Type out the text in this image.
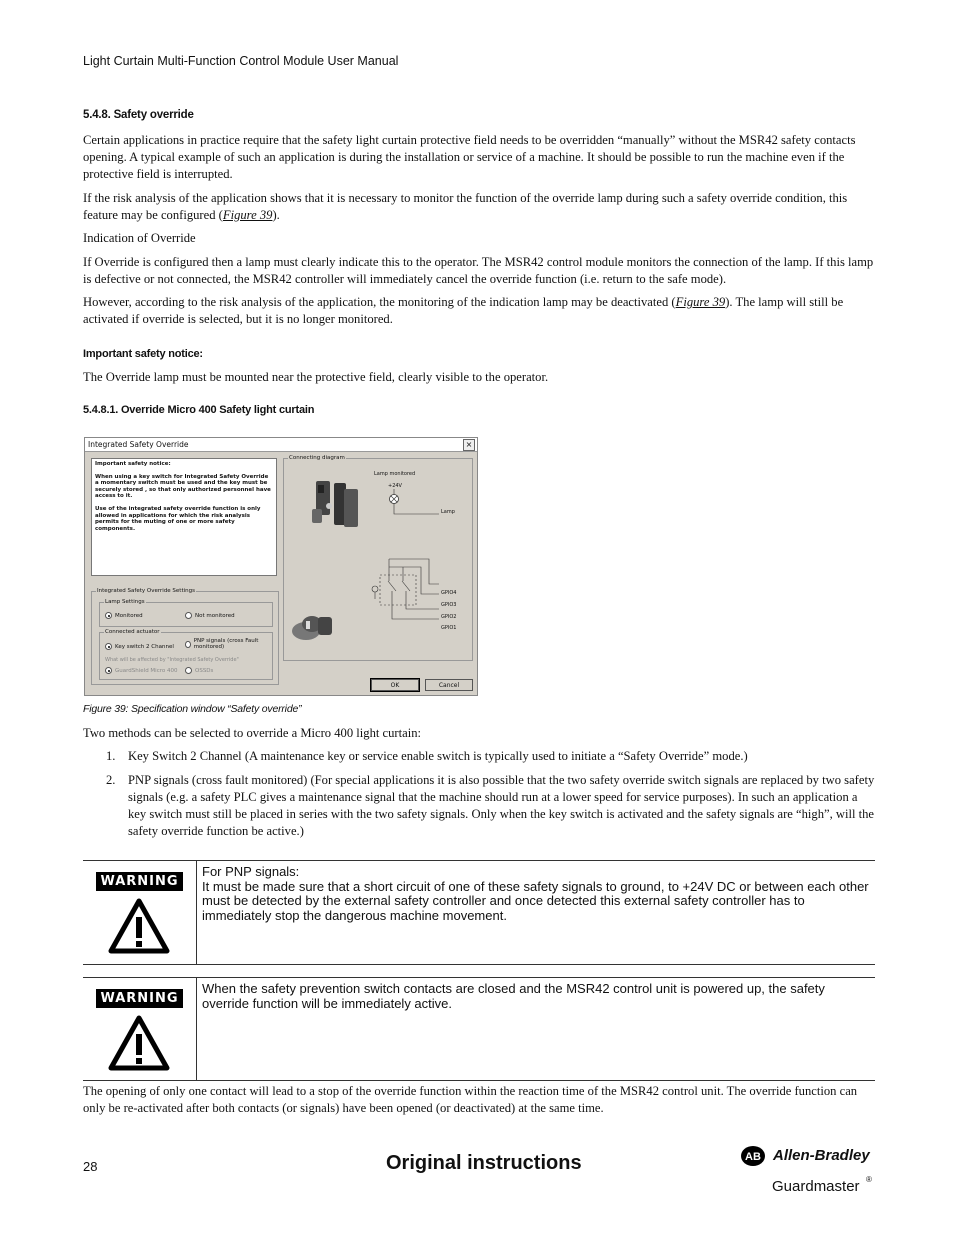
Light Curtain Multi-Function Control Module User Manual
5.4.8. Safety override
Certain applications in practice require that the safety light curtain protective field needs to be overridden “manually” without the MSR42 safety contacts opening. A typical example of such an application is during the installation or service of a machine. It should be possible to run the machine even if the protective field is interrupted.
If the risk analysis of the application shows that it is necessary to monitor the function of the override lamp during such a safety override condition, this feature may be configured (Figure 39).
Indication of Override
If Override is configured then a lamp must clearly indicate this to the operator. The MSR42 control module monitors the connection of the lamp. If this lamp is defective or not connected, the MSR42 controller will immediately cancel the override function (i.e. return to the safe mode).
However, according to the risk analysis of the application, the monitoring of the indication lamp may be deactivated (Figure 39). The lamp will still be activated if override is selected, but it is no longer monitored.
Important safety notice:
The Override lamp must be mounted near the protective field, clearly visible to the operator.
5.4.8.1. Override Micro 400 Safety light curtain
Integrated Safety Override	×

Important safety notice:

When using a key switch for Integrated Safety Override a momentary switch must be used and the key must be securely stored , so that only authorized personnel have access to it.

Use of the integrated safety override function is only allowed in applications for which the risk analysis permits for the muting of one or more safety components.

Integrated Safety Override Settings
Lamp Settings
Monitored	Not monitored
Connected actuator
Key switch 2 Channel
PNP signals (cross Fault monitored)
What will be affected by "Integrated Safety Override"
GuardShield Micro 400	OSSDs
Connecting diagram
Lamp monitored
+24V
Lamp
GPIO4
GPIO3
GPIO2
GPIO1
OK	Cancel
Figure 39: Specification window “Safety override”
Two methods can be selected to override a Micro 400 light curtain:
1. Key Switch 2 Channel (A maintenance key or service enable switch is typically used to initiate a “Safety Override” mode.)
2. PNP signals (cross fault monitored) (For special applications it is also possible that the two safety override switch signals are replaced by two safety signals (e.g. a safety PLC gives a maintenance signal that the machine should run at a lower speed for service purposes). In such an application a key switch must still be placed in series with the two safety signals. Only when the key switch is activated and the safety signals are “high”, will the safety override function be active.)
WARNING
For PNP signals:
It must be made sure that a short circuit of one of these safety signals to ground, to +24V DC or between each other must be detected by the external safety controller and once detected this external safety controller has to immediately stop the dangerous machine movement.
WARNING
When the safety prevention switch contacts are closed and the MSR42 control unit is powered up, the safety override function will be immediately active.
The opening of only one contact will lead to a stop of the override function within the reaction time of the MSR42 control unit. The override function can only be re-activated after both contacts (or signals) have been opened (or deactivated) at the same time.
28	Original instructions	AB Allen-Bradley
Guardmaster ®
